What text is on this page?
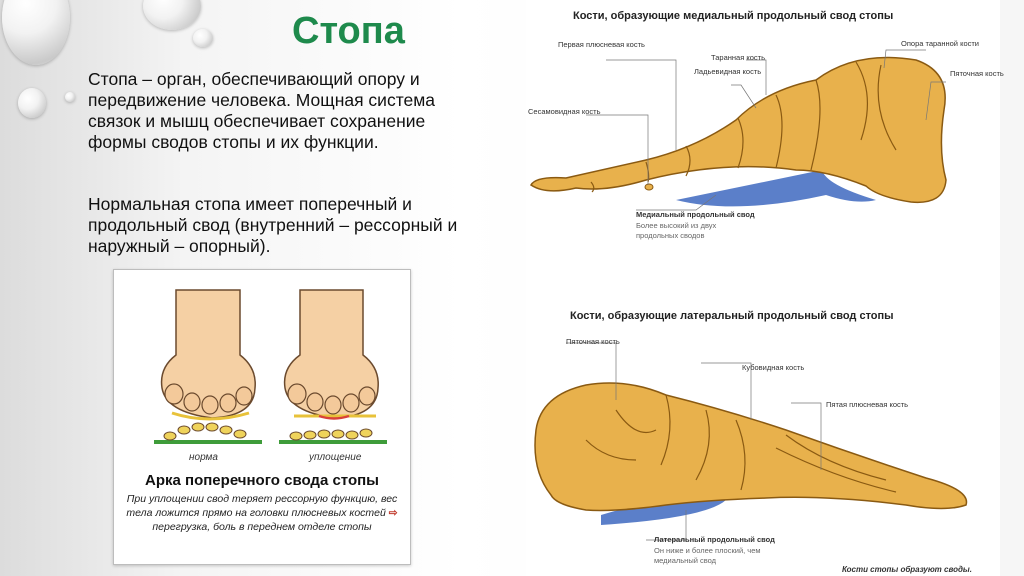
Стопа
Стопа – орган, обеспечивающий опору и передвижение человека. Мощная система связок и мышц обеспечивает сохранение формы сводов стопы и их функции.
Нормальная стопа имеет поперечный и продольный свод (внутренний – рессорный и наружный – опорный).
норма	уплощение
Арка поперечного свода стопы
При уплощении свод теряет рессорную функцию, вес тела ложится прямо на головки плюсневых костей ⇨ перегрузка, боль в переднем отделе стопы
Кости, образующие медиальный продольный свод стопы
Первая плюсневая кость
Таранная кость
Опора таранной кости
Ладьевидная кость	Пяточная кость
Сесамовидная кость
Медиальный продольный свод
Более высокий из двух продольных сводов
Кости, образующие латеральный продольный свод стопы
Пяточная кость
Кубовидная кость
Пятая плюсневая кость
Латеральный продольный свод
Он ниже и более плоский, чем медиальный свод
Кости стопы образуют своды.
